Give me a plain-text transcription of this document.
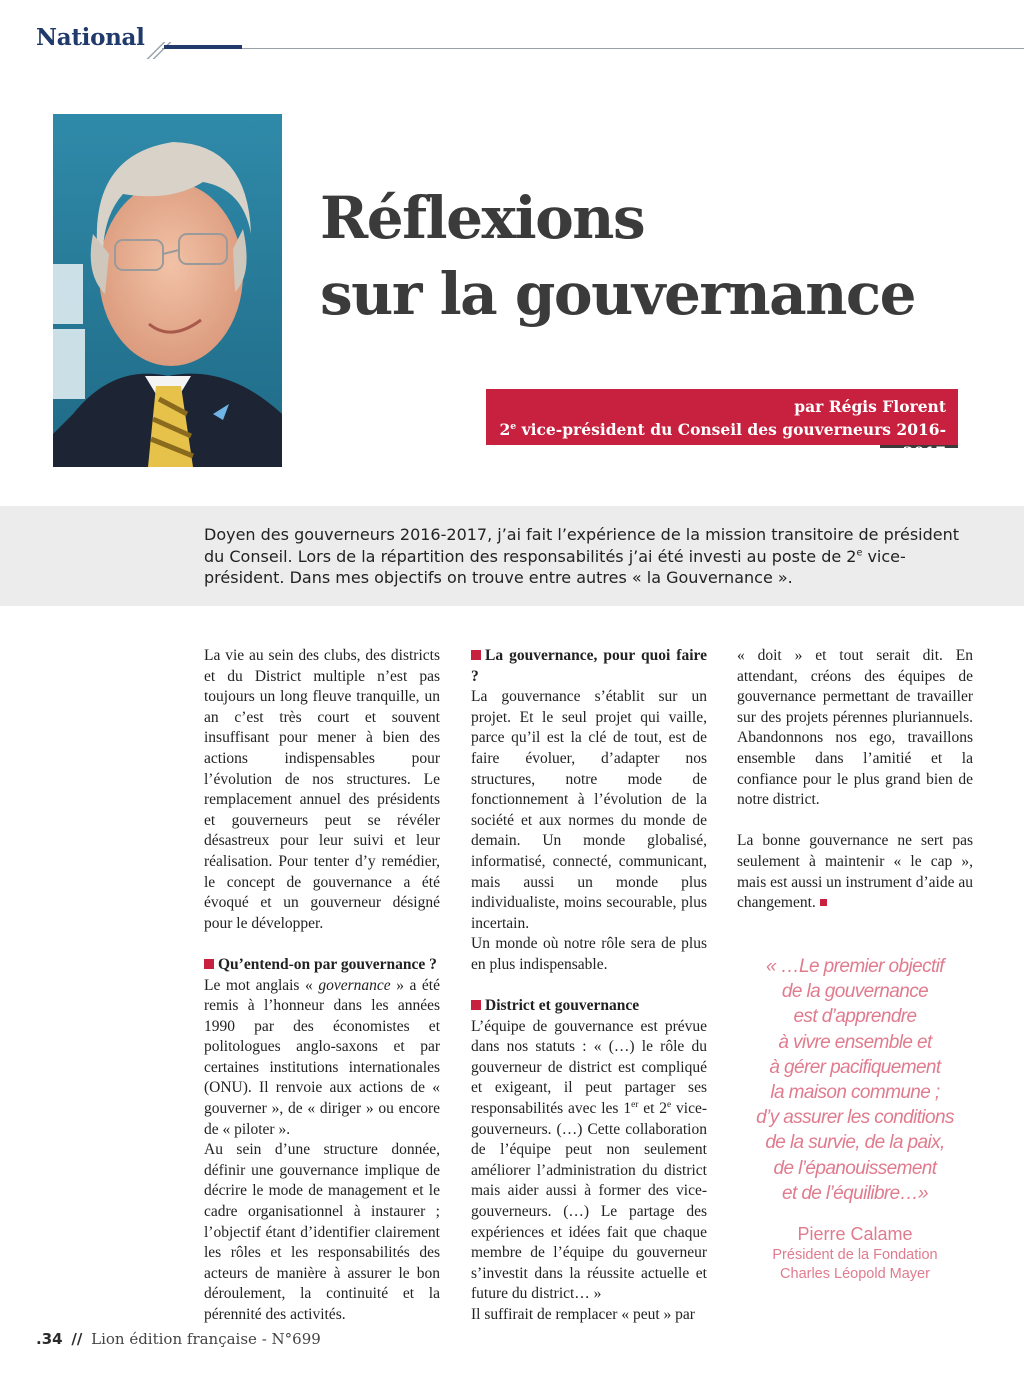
National
Réflexions
sur la gouvernance
par Régis Florent
2e vice-président du Conseil des gouverneurs 2016-2017

Doyen des gouverneurs 2016-2017, j’ai fait l’expérience de la mission transitoire de président du Conseil. Lors de la répartition des responsabilités j’ai été investi au poste de 2e vice-président. Dans mes objectifs on trouve entre autres « la Gouvernance ».

La vie au sein des clubs, des districts et du District multiple n’est pas toujours un long fleuve tranquille, un an c’est très court et souvent insuffisant pour mener à bien des actions indispensables pour l’évolution de nos structures. Le remplacement annuel des présidents et gouverneurs peut se révéler désastreux pour leur suivi et leur réalisation. Pour tenter d’y remédier, le concept de gouvernance a été évoqué et un gouverneur désigné pour le développer.

Qu’entend-on par gouvernance ?

Le mot anglais « governance » a été remis à l’honneur dans les années 1990 par des économistes et politologues anglo-saxons et par certaines institutions internationales (ONU). Il renvoie aux actions de « gouverner », de « diriger » ou encore de « piloter ».

Au sein d’une structure donnée, définir une gouvernance implique de décrire le mode de management et le cadre organisationnel à instaurer ; l’objectif étant d’identifier clairement les rôles et les responsabilités des acteurs de manière à assurer le bon déroulement, la continuité et la pérennité des activités.

La gouvernance, pour quoi faire ?

La gouvernance s’établit sur un projet. Et le seul projet qui vaille, parce qu’il est la clé de tout, est de faire évoluer, d’adapter nos structures, notre mode de fonctionnement à l’évolution de la société et aux normes du monde de demain. Un monde globalisé, informatisé, connecté, communicant, mais aussi un monde plus individualiste, moins secourable, plus incertain.

Un monde où notre rôle sera de plus en plus indispensable.

District et gouvernance

L’équipe de gouvernance est prévue dans nos statuts : « (…) le rôle du gouverneur de district est compliqué et exigeant, il peut partager ses responsabilités avec les 1er et 2e vice-gouverneurs. (…) Cette collaboration de l’équipe peut non seulement améliorer l’administration du district mais aider aussi à former des vice-gouverneurs. (…) Le partage des expériences et idées fait que chaque membre de l’équipe du gouverneur s’investit dans la réussite actuelle et future du district… »

Il suffirait de remplacer « peut » par

« doit » et tout serait dit. En attendant, créons des équipes de gouvernance permettant de travailler sur des projets pérennes pluriannuels. Abandonnons nos ego, travaillons ensemble dans l’amitié et la confiance pour le plus grand bien de notre district.

La bonne gouvernance ne sert pas seulement à maintenir « le cap », mais est aussi un instrument d’aide au changement.

« …Le premier objectif
de la gouvernance
est d’apprendre
à vivre ensemble et
à gérer pacifiquement
la maison commune ;
d’y assurer les conditions
de la survie, de la paix,
de l’épanouissement
et de l’équilibre…»

Pierre Calame
Président de la Fondation
Charles Léopold Mayer
.34 // Lion édition française - N°699
